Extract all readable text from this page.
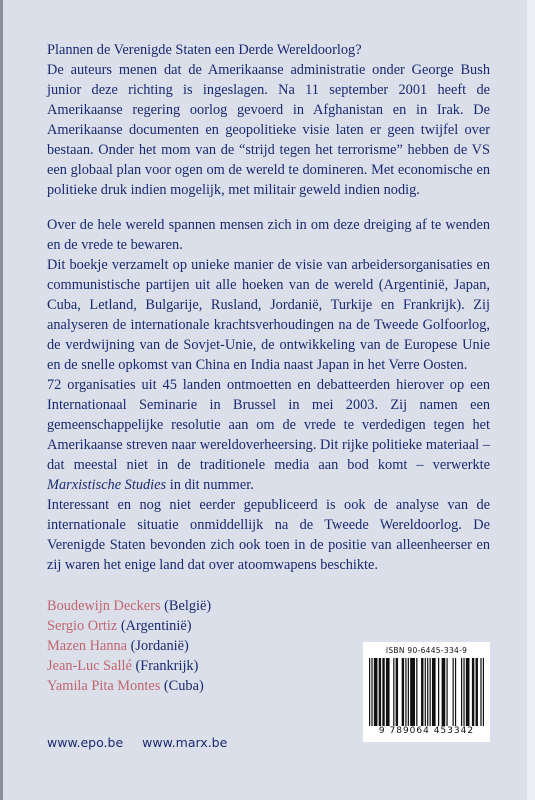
Plannen de Verenigde Staten een Derde Wereldoorlog?

De auteurs menen dat de Amerikaanse administratie onder George Bush junior deze richting is ingeslagen. Na 11 september 2001 heeft de Amerikaanse regering oorlog gevoerd in Afghanistan en in Irak. De Amerikaanse documenten en geopolitieke visie laten er geen twijfel over bestaan. Onder het mom van de “strijd tegen het terrorisme” hebben de VS een globaal plan voor ogen om de wereld te domineren. Met economische en politieke druk indien mogelijk, met militair geweld indien nodig.

Over de hele wereld spannen mensen zich in om deze dreiging af te wenden en de vrede te bewaren.

Dit boekje verzamelt op unieke manier de visie van arbeidersorganisaties en communistische partijen uit alle hoeken van de wereld (Argentinië, Japan, Cuba, Letland, Bulgarije, Rusland, Jordanië, Turkije en Frankrijk). Zij analyseren de internationale krachtsverhoudingen na de Tweede Golfoorlog, de verdwijning van de Sovjet-Unie, de ontwikkeling van de Europese Unie en de snelle opkomst van China en India naast Japan in het Verre Oosten.

72 organisaties uit 45 landen ontmoetten en debatteerden hierover op een Internationaal Seminarie in Brussel in mei 2003. Zij namen een gemeenschappelijke resolutie aan om de vrede te verdedigen tegen het Amerikaanse streven naar wereldoverheersing. Dit rijke politieke materiaal – dat meestal niet in de traditionele media aan bod komt – verwerkte Marxistische Studies in dit nummer.

Interessant en nog niet eerder gepubliceerd is ook de analyse van de internationale situatie onmiddellijk na de Tweede Wereldoorlog. De Verenigde Staten bevonden zich ook toen in de positie van alleenheerser en zij waren het enige land dat over atoomwapens beschikte.

Boudewijn Deckers (België)
Sergio Ortiz (Argentinië)
Mazen Hanna (Jordanië)
Jean-Luc Sallé (Frankrijk)
Yamila Pita Montes (Cuba)
ISBN 90-6445-334-9
9 789064 453342
www.epo.be www.marx.be
